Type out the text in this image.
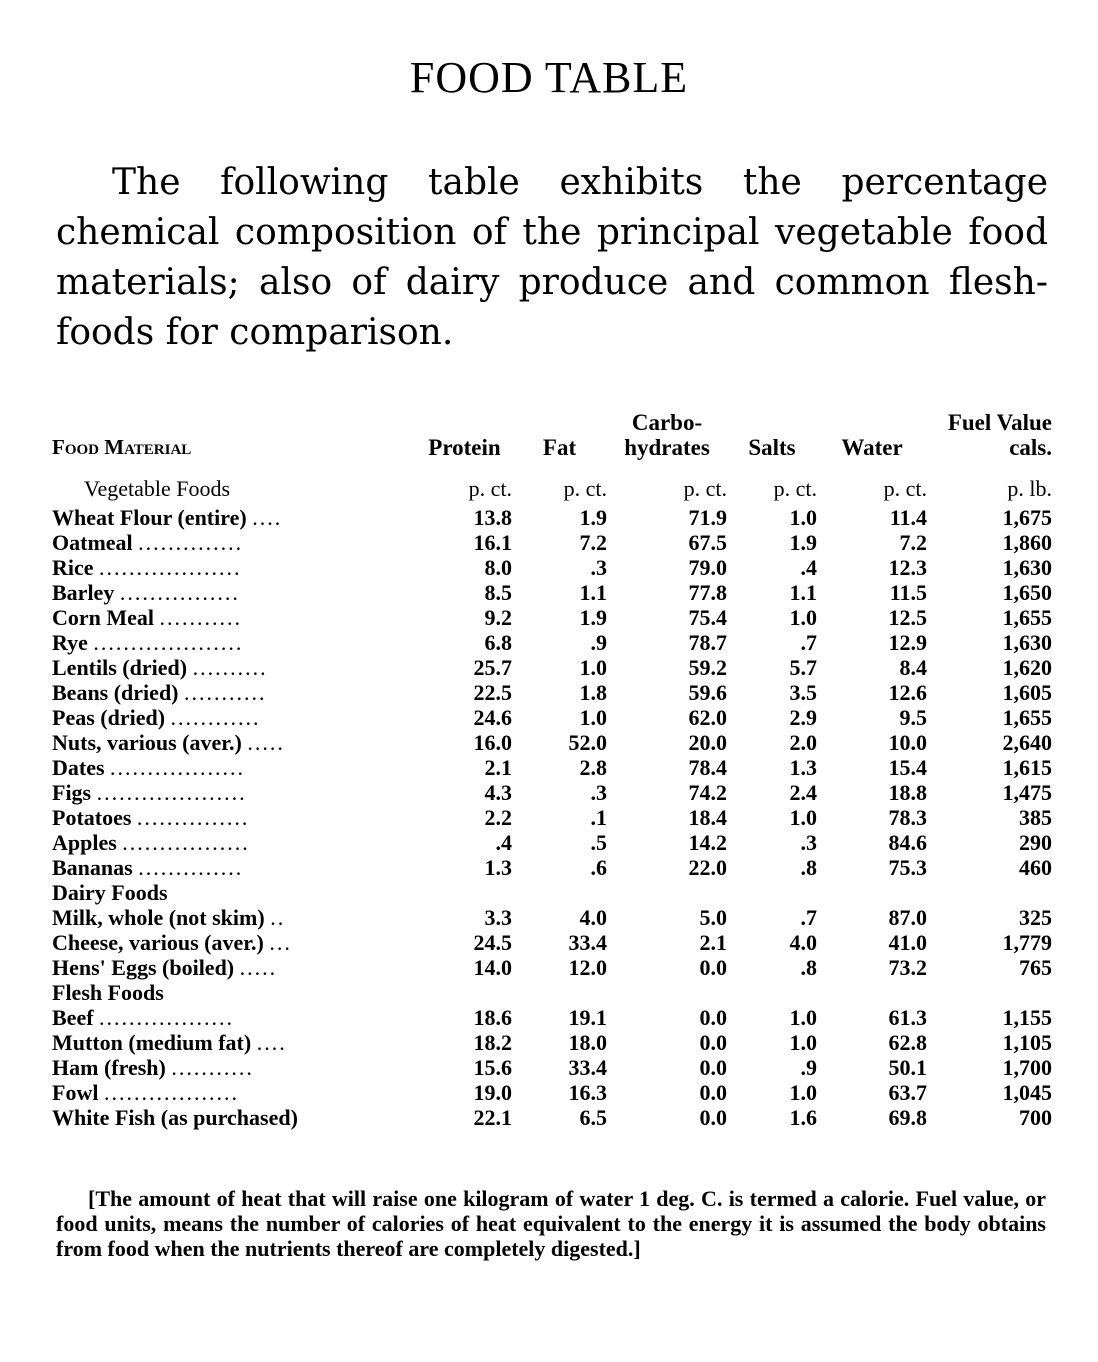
FOOD TABLE

The following table exhibits the percentage chemical composition of the principal vegetable food materials; also of dairy produce and common flesh-foods for comparison.

Food Material	Protein	Fat	Carbo-hydrates	Salts	Water	Fuel Value cals.
Vegetable Foods	p. ct.	p. ct.	p. ct.	p. ct.	p. ct.	p. lb.
Wheat Flour (entire) ....	13.8	1.9	71.9	1.0	11.4	1,675
Oatmeal ..............	16.1	7.2	67.5	1.9	7.2	1,860
Rice ...................	8.0	.3	79.0	.4	12.3	1,630
Barley ................	8.5	1.1	77.8	1.1	11.5	1,650
Corn Meal ...........	9.2	1.9	75.4	1.0	12.5	1,655
Rye ....................	6.8	.9	78.7	.7	12.9	1,630
Lentils (dried) ..........	25.7	1.0	59.2	5.7	8.4	1,620
Beans (dried) ...........	22.5	1.8	59.6	3.5	12.6	1,605
Peas (dried) ............	24.6	1.0	62.0	2.9	9.5	1,655
Nuts, various (aver.) .....	16.0	52.0	20.0	2.0	10.0	2,640
Dates ..................	2.1	2.8	78.4	1.3	15.4	1,615
Figs ....................	4.3	.3	74.2	2.4	18.8	1,475
Potatoes ...............	2.2	.1	18.4	1.0	78.3	385
Apples .................	.4	.5	14.2	.3	84.6	290
Bananas ..............	1.3	.6	22.0	.8	75.3	460
Dairy Foods						
Milk, whole (not skim) ..	3.3	4.0	5.0	.7	87.0	325
Cheese, various (aver.) ...	24.5	33.4	2.1	4.0	41.0	1,779
Hens' Eggs (boiled) .....	14.0	12.0	0.0	.8	73.2	765
Flesh Foods						
Beef ..................	18.6	19.1	0.0	1.0	61.3	1,155
Mutton (medium fat) ....	18.2	18.0	0.0	1.0	62.8	1,105
Ham (fresh) ...........	15.6	33.4	0.0	.9	50.1	1,700
Fowl ..................	19.0	16.3	0.0	1.0	63.7	1,045
White Fish (as purchased)	22.1	6.5	0.0	1.6	69.8	700

[The amount of heat that will raise one kilogram of water 1 deg. C. is termed a calorie. Fuel value, or food units, means the number of calories of heat equivalent to the energy it is assumed the body obtains from food when the nutrients thereof are completely digested.]
